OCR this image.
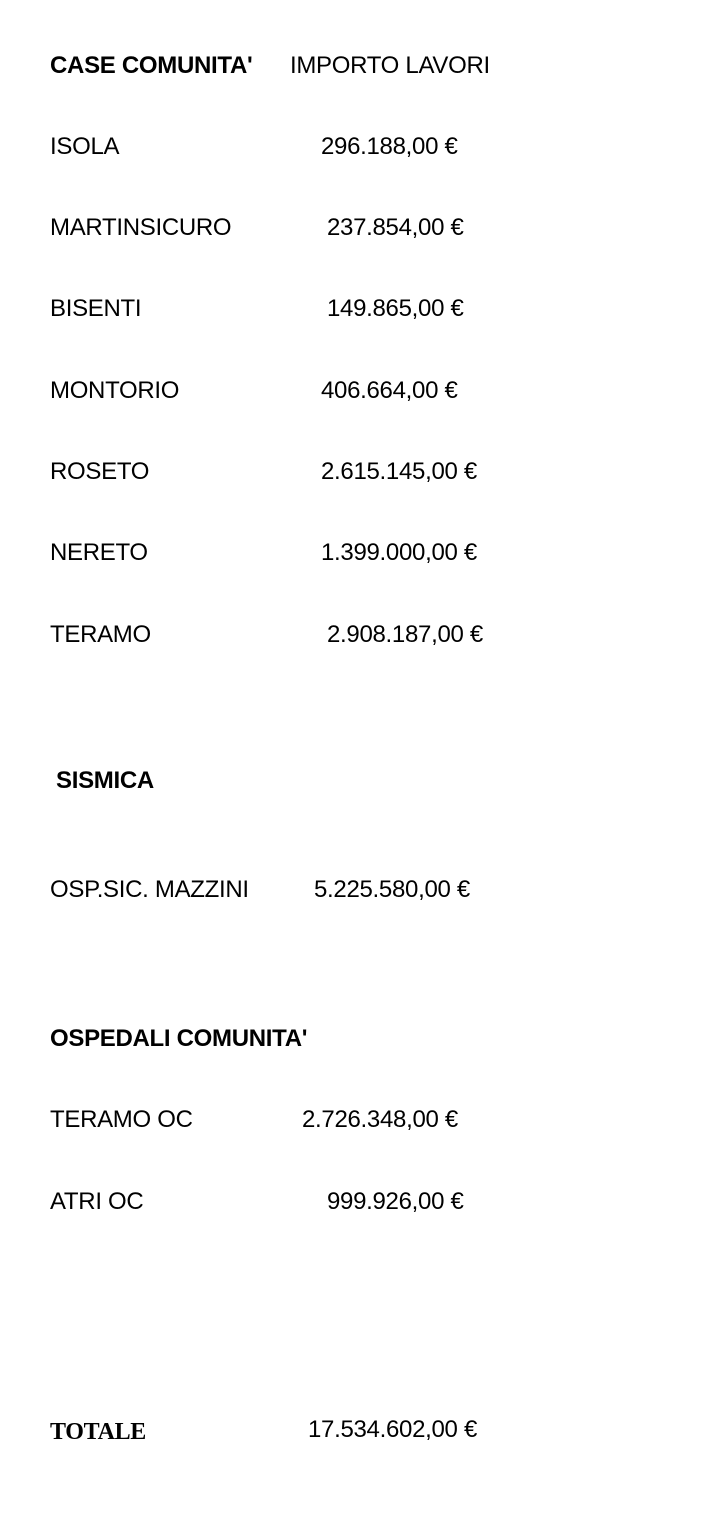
CASE COMUNITA' IMPORTO LAVORI

ISOLA	296.188,00 €

MARTINSICURO	237.854,00 €

BISENTI	149.865,00 €

MONTORIO	406.664,00 €

ROSETO	2.615.145,00 €

NERETO	1.399.000,00 €

TERAMO	2.908.187,00 €

SISMICA

OSP.SIC. MAZZINI	5.225.580,00 €

OSPEDALI COMUNITA'

TERAMO OC	2.726.348,00 €

ATRI OC	999.926,00 €

TOTALE	17.534.602,00 €
